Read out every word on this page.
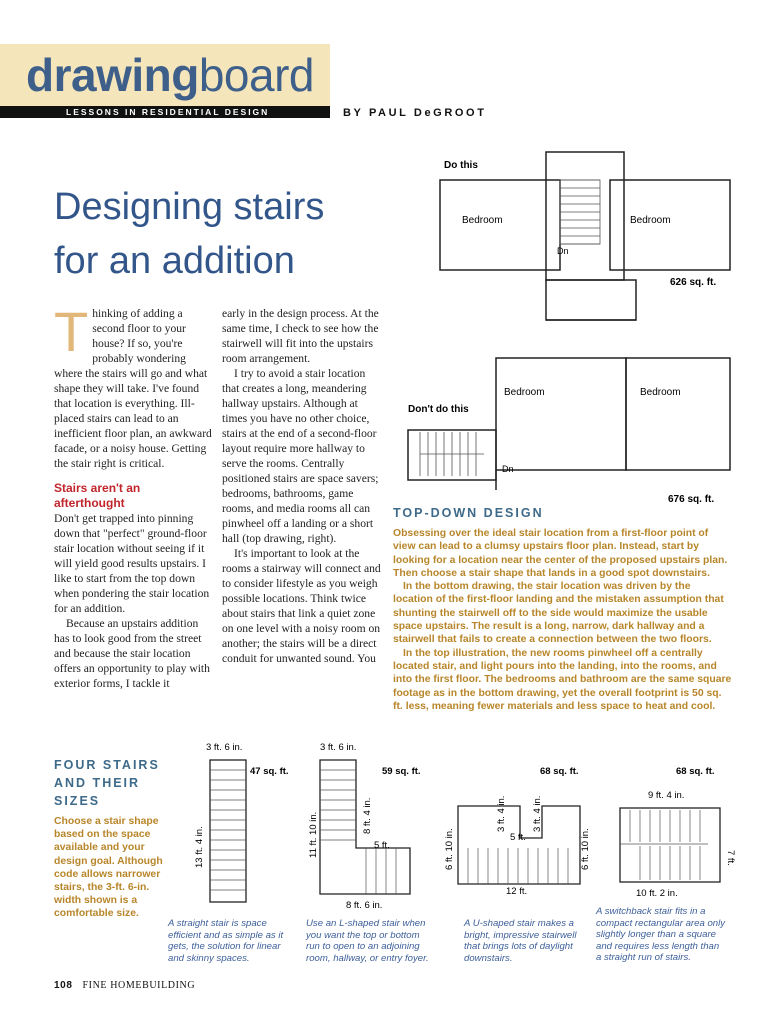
drawingboard
LESSONS IN RESIDENTIAL DESIGN	BY PAUL DeGROOT
Designing stairs
for an addition

Thinking of adding a second floor to your house? If so, you're probably wondering where the stairs will go and what shape they will take. I've found that location is everything. Ill-placed stairs can lead to an inefficient floor plan, an awkward facade, or a noisy house. Getting the stair right is critical.

Stairs aren't an afterthought

Don't get trapped into pinning down that "perfect" ground-floor stair location without seeing if it will yield good results upstairs. I like to start from the top down when pondering the stair location for an addition.

Because an upstairs addition has to look good from the street and because the stair location offers an opportunity to play with exterior forms, I tackle it

early in the design process. At the same time, I check to see how the stairwell will fit into the upstairs room arrangement.

I try to avoid a stair location that creates a long, meandering hallway upstairs. Although at times you have no other choice, stairs at the end of a second-floor layout require more hallway to serve the rooms. Centrally positioned stairs are space savers; bedrooms, bathrooms, game rooms, and media rooms all can pinwheel off a landing or a short hall (top drawing, right).

It's important to look at the rooms a stairway will connect and to consider lifestyle as you weigh possible locations. Think twice about stairs that link a quiet zone on one level with a noisy room on another; the stairs will be a direct conduit for unwanted sound. You

Do this
Bedroom	Bedroom
Dn
626 sq. ft.
Don't do this
Bedroom	Bedroom
Dn
676 sq. ft.
TOP-DOWN DESIGN

Obsessing over the ideal stair location from a first-floor point of view can lead to a clumsy upstairs floor plan. Instead, start by looking for a location near the center of the proposed upstairs plan. Then choose a stair shape that lands in a good spot downstairs.

In the bottom drawing, the stair location was driven by the location of the first-floor landing and the mistaken assumption that shunting the stairwell off to the side would maximize the usable space upstairs. The result is a long, narrow, dark hallway and a stairwell that fails to create a connection between the two floors.

In the top illustration, the new rooms pinwheel off a centrally located stair, and light pours into the landing, into the rooms, and into the first floor. The bedrooms and bathroom are the same square footage as in the bottom drawing, yet the overall footprint is 50 sq. ft. less, meaning fewer materials and less space to heat and cool.

FOUR STAIRS
AND THEIR
SIZES
Choose a stair shape based on the space available and your design goal. Although code allows narrower stairs, the 3-ft. 6-in. width shown is a comfortable size.
3 ft. 6 in.
47 sq. ft.
13 ft. 4 in.
3 ft. 6 in.
59 sq. ft.
11 ft. 10 in.	8 ft. 4 in.
5 ft.
8 ft. 6 in.
68 sq. ft.
6 ft. 10 in.
3 ft. 4 in.	3 ft. 4 in.
6 ft. 10 in.
5 ft.
12 ft.
68 sq. ft.
9 ft. 4 in.
7 ft.
10 ft. 2 in.
A straight stair is space efficient and as simple as it gets, the solution for linear and skinny spaces.
Use an L-shaped stair when you want the top or bottom run to open to an adjoining room, hallway, or entry foyer.
A U-shaped stair makes a bright, impressive stairwell that brings lots of daylight downstairs.
A switchback stair fits in a compact rectangular area only slightly longer than a square and requires less length than a straight run of stairs.
108 FINE HOMEBUILDING
